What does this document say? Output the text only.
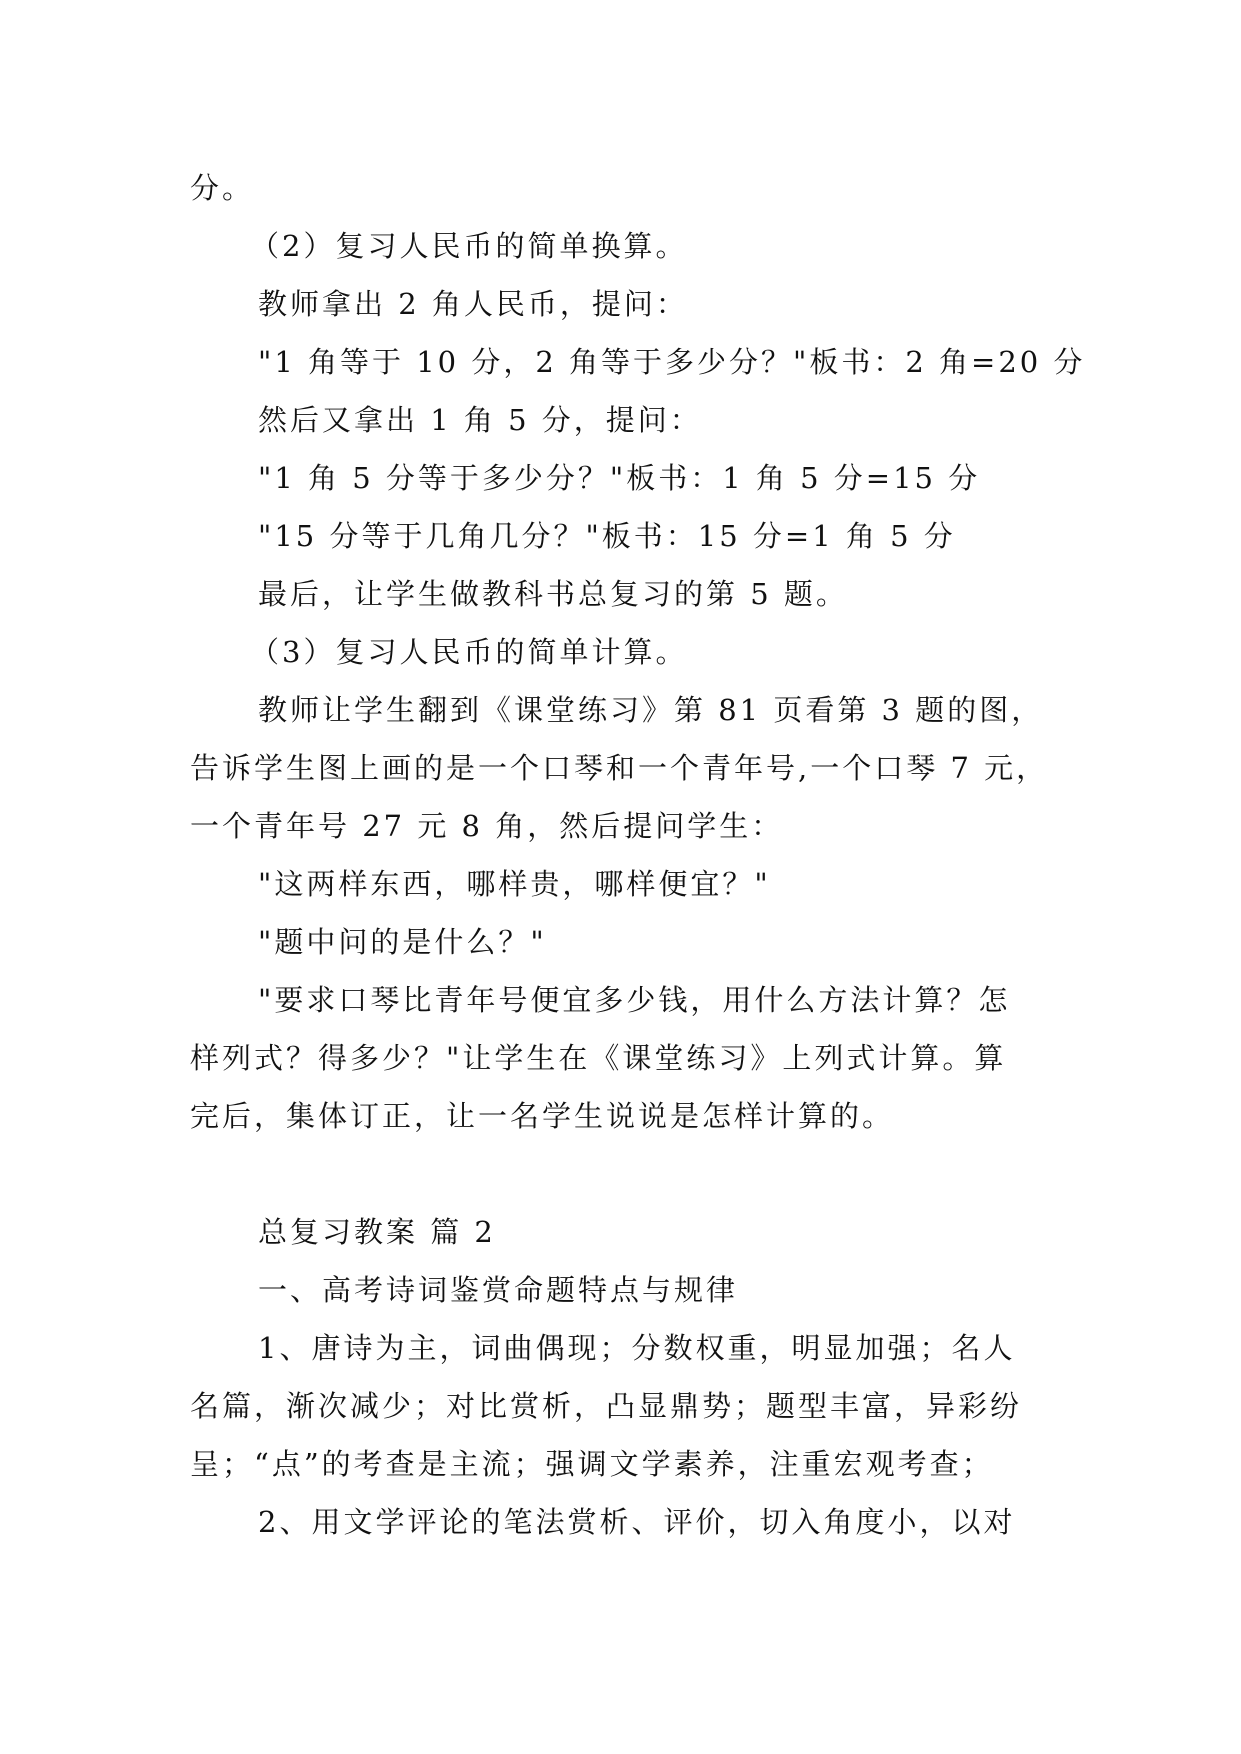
分。
（2）复习人民币的简单换算。
教师拿出 2 角人民币，提问：
"1 角等于 10 分，2 角等于多少分？"板书：2 角=20 分
然后又拿出 1 角 5 分，提问：
"1 角 5 分等于多少分？"板书：1 角 5 分=15 分
"15 分等于几角几分？"板书：15 分=1 角 5 分
最后，让学生做教科书总复习的第 5 题。
（3）复习人民币的简单计算。
教师让学生翻到《课堂练习》第 81 页看第 3 题的图，
告诉学生图上画的是一个口琴和一个青年号,一个口琴 7 元，
一个青年号 27 元 8 角，然后提问学生：
"这两样东西，哪样贵，哪样便宜？"
"题中问的是什么？"
"要求口琴比青年号便宜多少钱，用什么方法计算？怎
样列式？得多少？"让学生在《课堂练习》上列式计算。算
完后，集体订正，让一名学生说说是怎样计算的。
总复习教案 篇 2
一、高考诗词鉴赏命题特点与规律
1、唐诗为主，词曲偶现；分数权重，明显加强；名人
名篇，渐次减少；对比赏析，凸显鼎势；题型丰富，异彩纷
呈；“点”的考查是主流；强调文学素养，注重宏观考查；
2、用文学评论的笔法赏析、评价，切入角度小，以对
